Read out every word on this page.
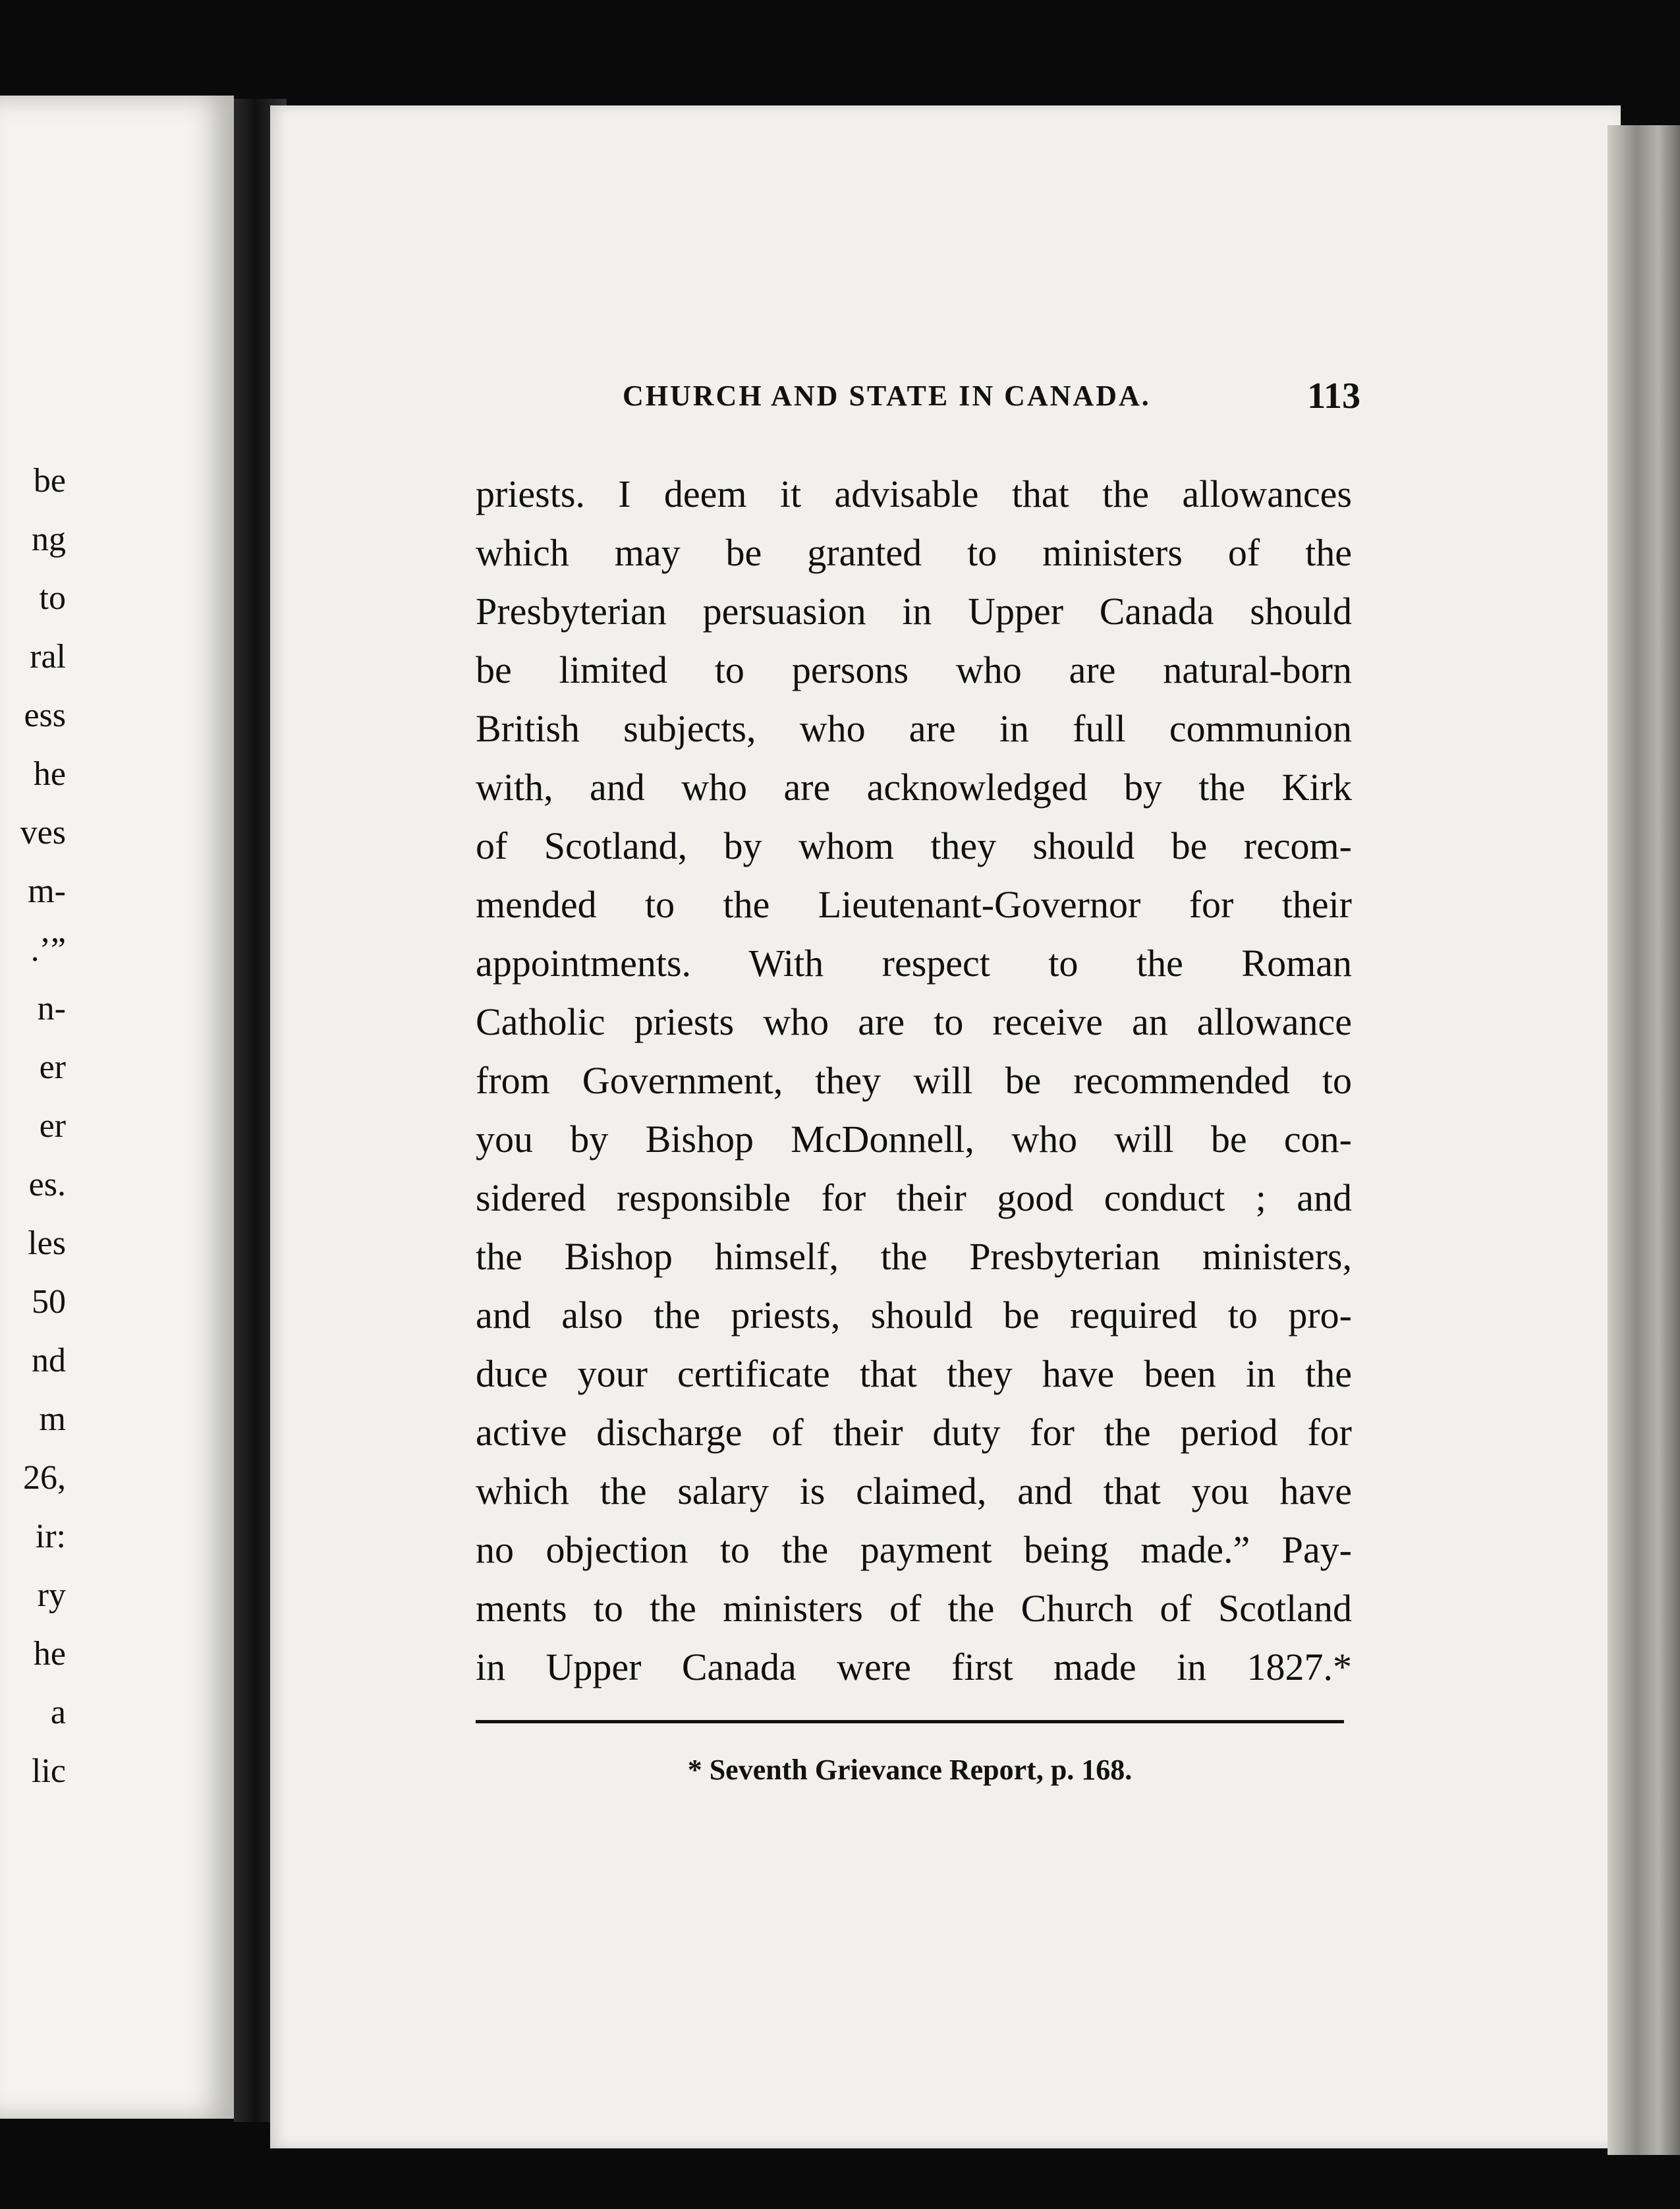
be
ng
to
ral
ess
he
ves
m-
.’”
n-
er
er
es.
les
50
nd
m
26,
ir:
ry
he
a
lic
CHURCH AND STATE IN CANADA.	113
priests. I deem it advisable that the allowances
which may be granted to ministers of the
Presbyterian persuasion in Upper Canada should
be limited to persons who are natural-born
British subjects, who are in full communion
with, and who are acknowledged by the Kirk
of Scotland, by whom they should be recom-
mended to the Lieutenant-Governor for their
appointments. With respect to the Roman
Catholic priests who are to receive an allowance
from Government, they will be recommended to
you by Bishop McDonnell, who will be con-
sidered responsible for their good conduct ; and
the Bishop himself, the Presbyterian ministers,
and also the priests, should be required to pro-
duce your certificate that they have been in the
active discharge of their duty for the period for
which the salary is claimed, and that you have
no objection to the payment being made.” Pay-
ments to the ministers of the Church of Scotland
in Upper Canada were first made in 1827.*
* Seventh Grievance Report, p. 168.
